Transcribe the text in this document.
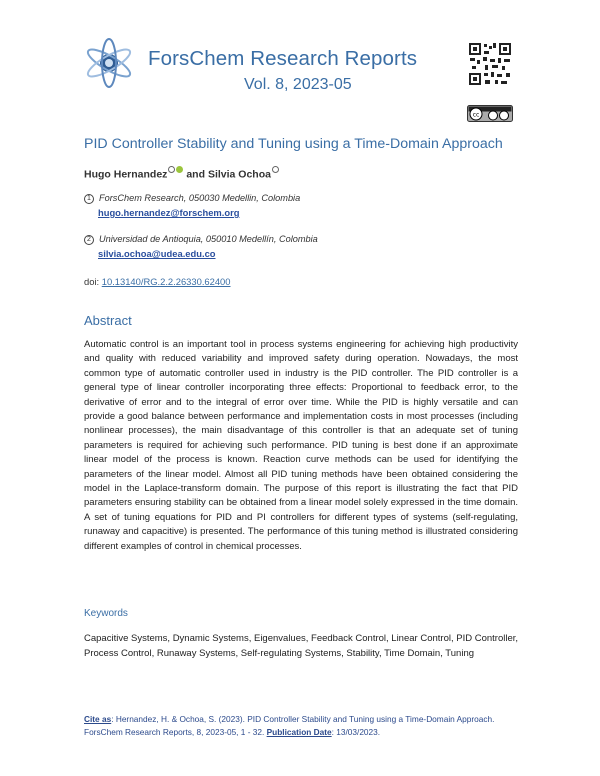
ForsChem Research Reports
Vol. 8, 2023-05
cc
PID Controller Stability and Tuning using a Time-Domain Approach
Hugo Hernandez and Silvia Ochoa
1 ForsChem Research, 050030 Medellin, Colombia
hugo.hernandez@forschem.org
2 Universidad de Antioquia, 050010 Medellín, Colombia
silvia.ochoa@udea.edu.co
doi: 10.13140/RG.2.2.26330.62400
Abstract

Automatic control is an important tool in process systems engineering for achieving high productivity and quality with reduced variability and improved safety during operation. Nowadays, the most common type of automatic controller used in industry is the PID controller. The PID controller is a general type of linear controller incorporating three effects: Proportional to feedback error, to the derivative of error and to the integral of error over time. While the PID is highly versatile and can provide a good balance between performance and implementation costs in most processes (including nonlinear processes), the main disadvantage of this controller is that an adequate set of tuning parameters is required for achieving such performance. PID tuning is best done if an approximate linear model of the process is known. Reaction curve methods can be used for identifying the parameters of the linear model. Almost all PID tuning methods have been obtained considering the model in the Laplace-transform domain. The purpose of this report is illustrating the fact that PID parameters ensuring stability can be obtained from a linear model solely expressed in the time domain. A set of tuning equations for PID and PI controllers for different types of systems (self-regulating, runaway and capacitive) is presented. The performance of this tuning method is illustrated considering different examples of control in chemical processes.

Keywords

Capacitive Systems, Dynamic Systems, Eigenvalues, Feedback Control, Linear Control, PID Controller, Process Control, Runaway Systems, Self-regulating Systems, Stability, Time Domain, Tuning

Cite as: Hernandez, H. & Ochoa, S. (2023). PID Controller Stability and Tuning using a Time-Domain Approach. ForsChem Research Reports, 8, 2023-05, 1 - 32. Publication Date: 13/03/2023.
